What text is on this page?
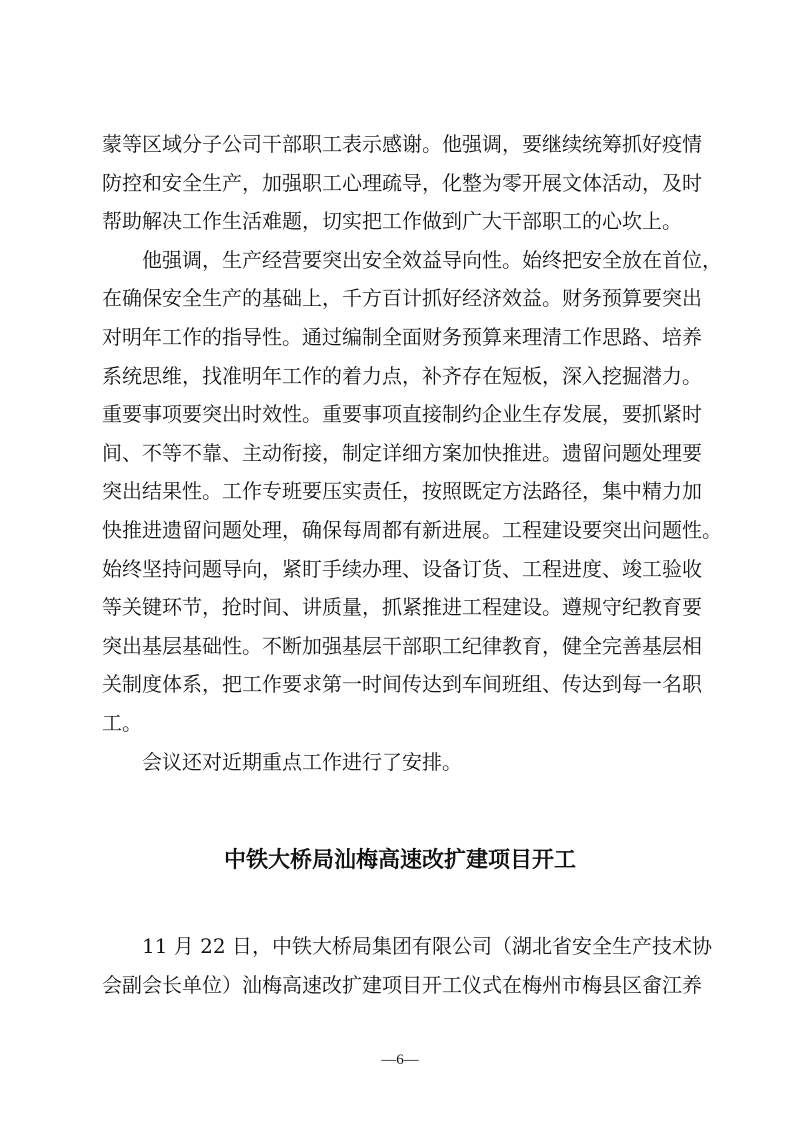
蒙等区域分子公司干部职工表示感谢。他强调，要继续统筹抓好疫情
防控和安全生产，加强职工心理疏导，化整为零开展文体活动，及时
帮助解决工作生活难题，切实把工作做到广大干部职工的心坎上。
他强调，生产经营要突出安全效益导向性。始终把安全放在首位，
在确保安全生产的基础上，千方百计抓好经济效益。财务预算要突出
对明年工作的指导性。通过编制全面财务预算来理清工作思路、培养
系统思维，找准明年工作的着力点，补齐存在短板，深入挖掘潜力。
重要事项要突出时效性。重要事项直接制约企业生存发展，要抓紧时
间、不等不靠、主动衔接，制定详细方案加快推进。遗留问题处理要
突出结果性。工作专班要压实责任，按照既定方法路径，集中精力加
快推进遗留问题处理，确保每周都有新进展。工程建设要突出问题性。
始终坚持问题导向，紧盯手续办理、设备订货、工程进度、竣工验收
等关键环节，抢时间、讲质量，抓紧推进工程建设。遵规守纪教育要
突出基层基础性。不断加强基层干部职工纪律教育，健全完善基层相
关制度体系，把工作要求第一时间传达到车间班组、传达到每一名职
工。
会议还对近期重点工作进行了安排。
中铁大桥局汕梅高速改扩建项目开工
11 月 22 日，中铁大桥局集团有限公司（湖北省安全生产技术协
会副会长单位）汕梅高速改扩建项目开工仪式在梅州市梅县区畲江养
—6—
